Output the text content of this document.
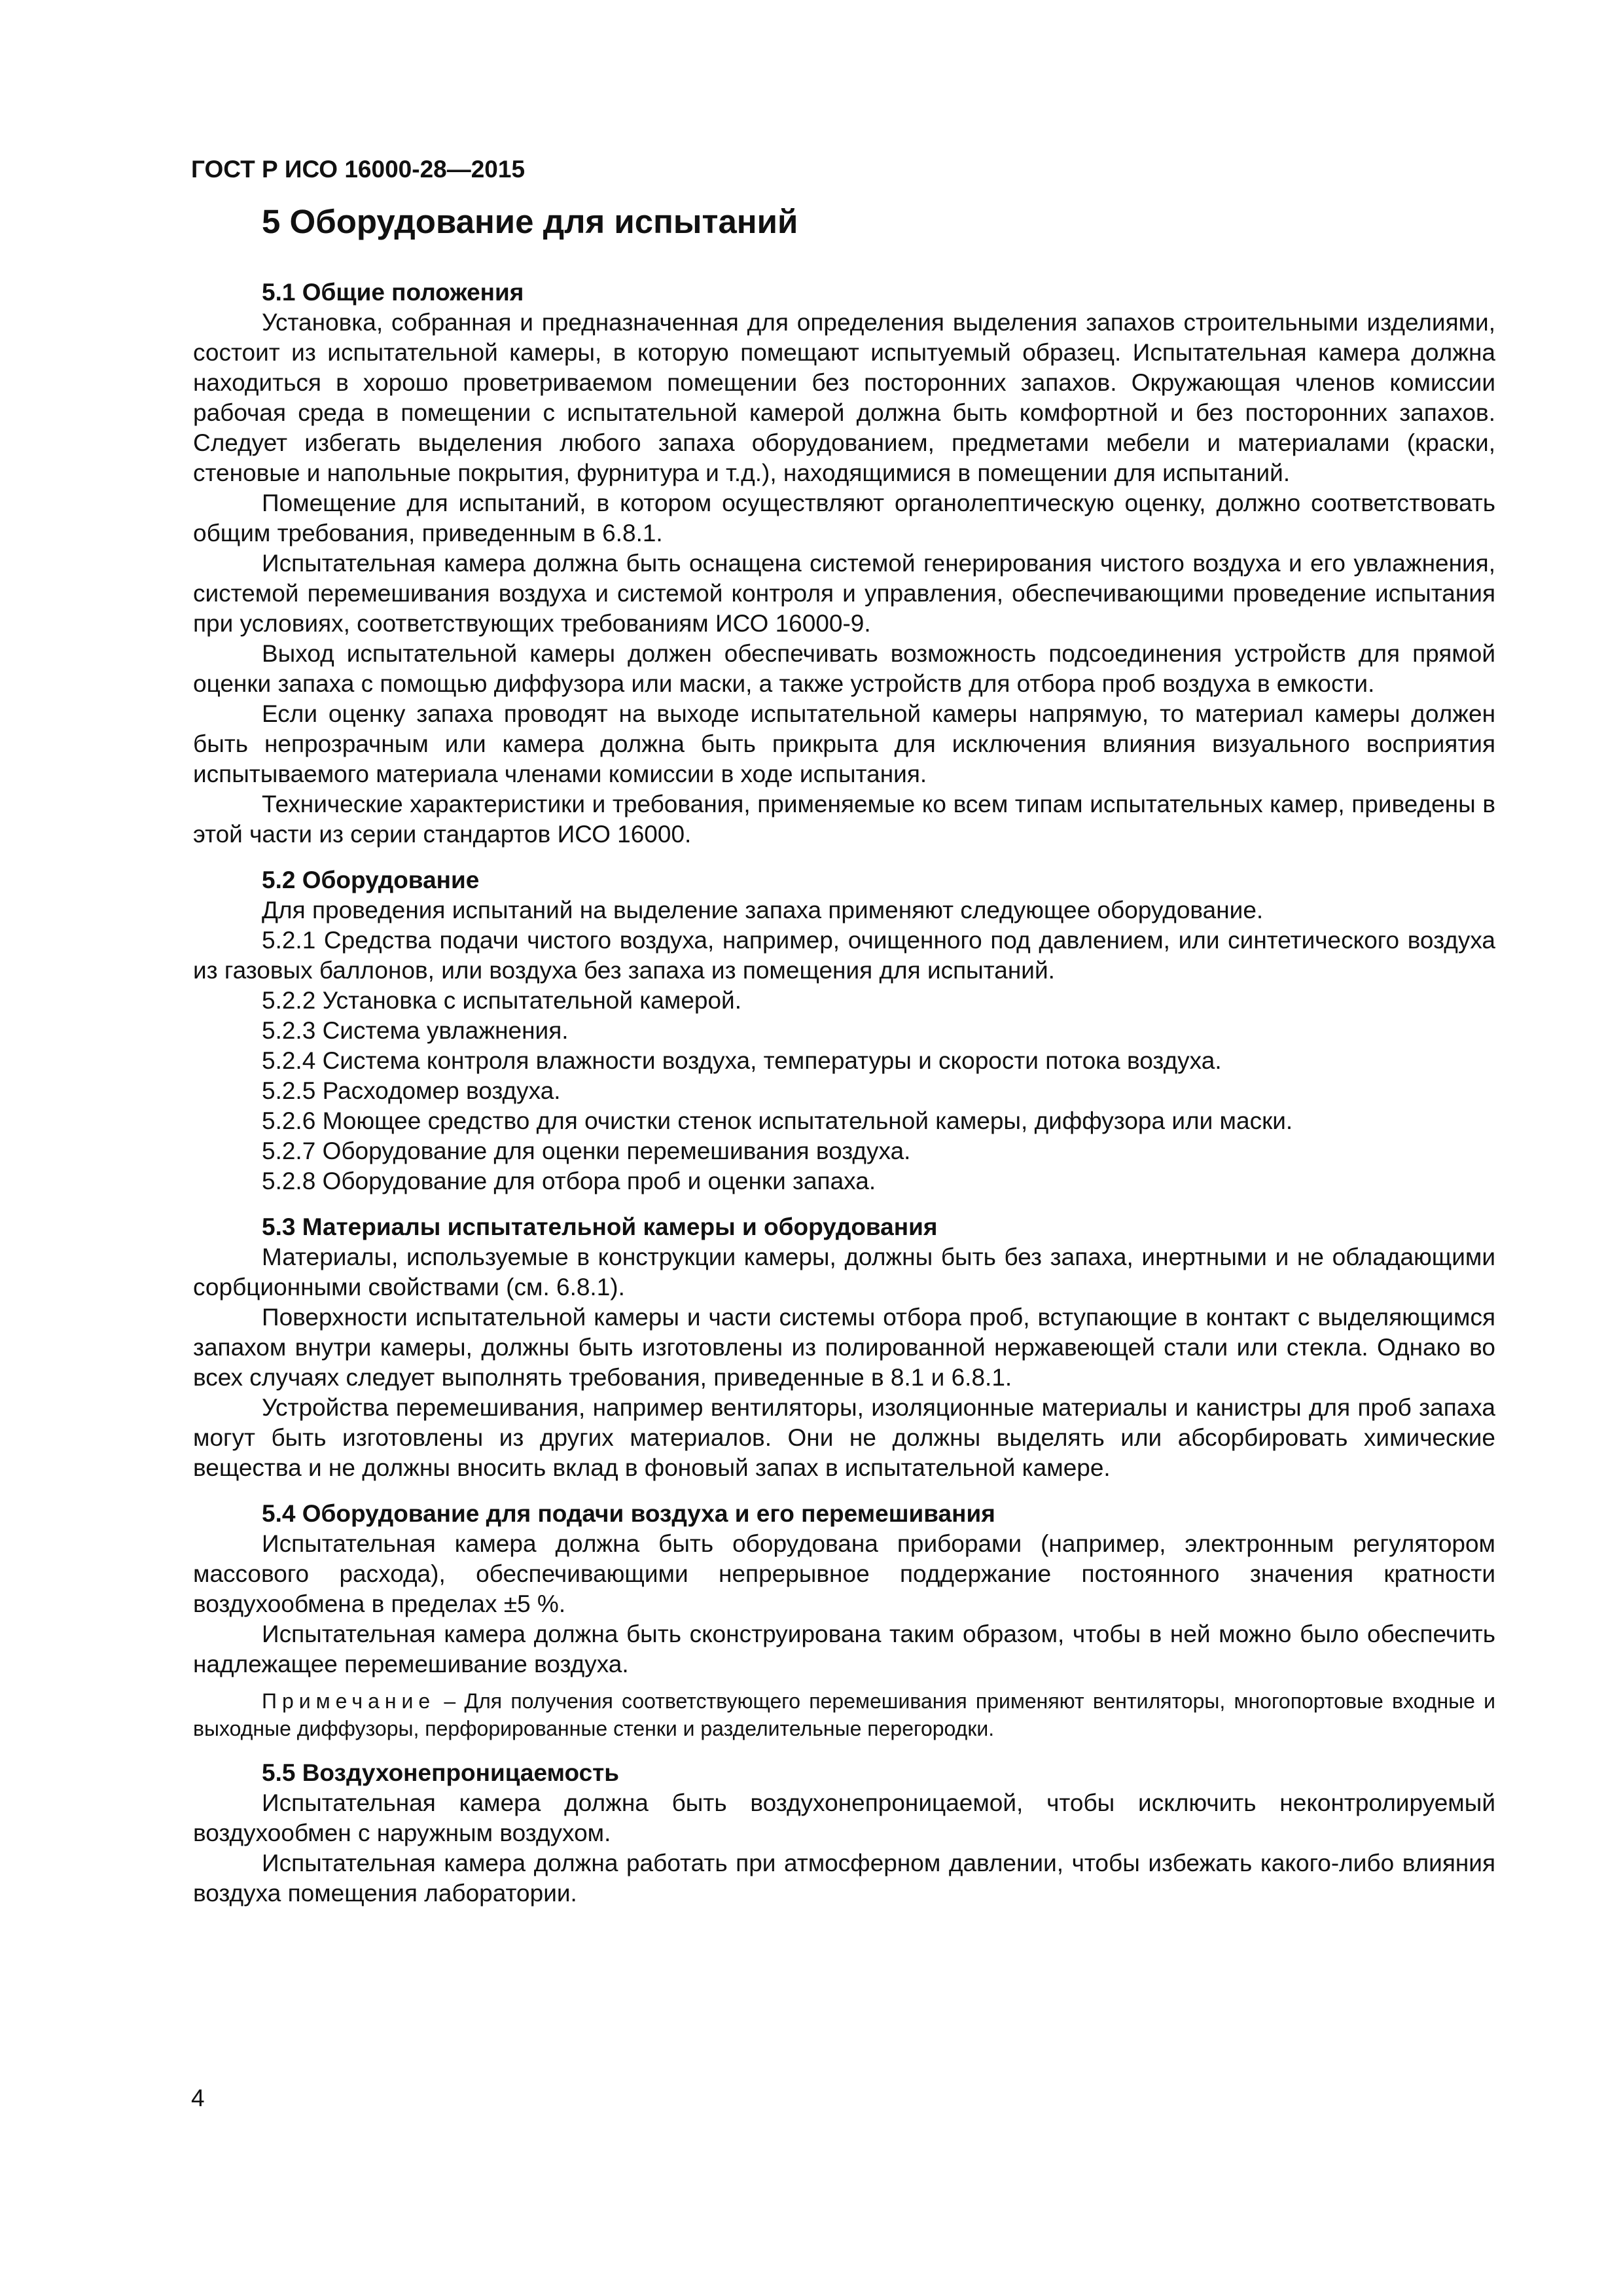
ГОСТ Р ИСО 16000-28—2015
5 Оборудование для испытаний
5.1 Общие положения

Установка, собранная и предназначенная для определения выделения запахов строительными изделиями, состоит из испытательной камеры, в которую помещают испытуемый образец. Испытательная камера должна находиться в хорошо проветриваемом помещении без посторонних запахов. Окружающая членов комиссии рабочая среда в помещении с испытательной камерой должна быть комфортной и без посторонних запахов. Следует избегать выделения любого запаха оборудованием, предметами мебели и материалами (краски, стеновые и напольные покрытия, фурнитура и т.д.), находящимися в помещении для испытаний.

Помещение для испытаний, в котором осуществляют органолептическую оценку, должно соответствовать общим требования, приведенным в 6.8.1.

Испытательная камера должна быть оснащена системой генерирования чистого воздуха и его увлажнения, системой перемешивания воздуха и системой контроля и управления, обеспечивающими проведение испытания при условиях, соответствующих требованиям ИСО 16000-9.

Выход испытательной камеры должен обеспечивать возможность подсоединения устройств для прямой оценки запаха с помощью диффузора или маски, а также устройств для отбора проб воздуха в емкости.

Если оценку запаха проводят на выходе испытательной камеры напрямую, то материал камеры должен быть непрозрачным или камера должна быть прикрыта для исключения влияния визуального восприятия испытываемого материала членами комиссии в ходе испытания.

Технические характеристики и требования, применяемые ко всем типам испытательных камер, приведены в этой части из серии стандартов ИСО 16000.

5.2 Оборудование

Для проведения испытаний на выделение запаха применяют следующее оборудование.

5.2.1 Средства подачи чистого воздуха, например, очищенного под давлением, или синтетического воздуха из газовых баллонов, или воздуха без запаха из помещения для испытаний.

5.2.2 Установка с испытательной камерой.

5.2.3 Система увлажнения.

5.2.4 Система контроля влажности воздуха, температуры и скорости потока воздуха.

5.2.5 Расходомер воздуха.

5.2.6 Моющее средство для очистки стенок испытательной камеры, диффузора или маски.

5.2.7 Оборудование для оценки перемешивания воздуха.

5.2.8 Оборудование для отбора проб и оценки запаха.

5.3 Материалы испытательной камеры и оборудования

Материалы, используемые в конструкции камеры, должны быть без запаха, инертными и не обладающими сорбционными свойствами (см. 6.8.1).

Поверхности испытательной камеры и части системы отбора проб, вступающие в контакт с выделяющимся запахом внутри камеры, должны быть изготовлены из полированной нержавеющей стали или стекла. Однако во всех случаях следует выполнять требования, приведенные в 8.1 и 6.8.1.

Устройства перемешивания, например вентиляторы, изоляционные материалы и канистры для проб запаха могут быть изготовлены из других материалов. Они не должны выделять или абсорбировать химические вещества и не должны вносить вклад в фоновый запах в испытательной камере.

5.4 Оборудование для подачи воздуха и его перемешивания

Испытательная камера должна быть оборудована приборами (например, электронным регулятором массового расхода), обеспечивающими непрерывное поддержание постоянного значения кратности воздухообмена в пределах ±5 %.

Испытательная камера должна быть сконструирована таким образом, чтобы в ней можно было обеспечить надлежащее перемешивание воздуха.

Примечание – Для получения соответствующего перемешивания применяют вентиляторы, многопортовые входные и выходные диффузоры, перфорированные стенки и разделительные перегородки.

5.5 Воздухонепроницаемость

Испытательная камера должна быть воздухонепроницаемой, чтобы исключить неконтролируемый воздухообмен с наружным воздухом.

Испытательная камера должна работать при атмосферном давлении, чтобы избежать какого-либо влияния воздуха помещения лаборатории.

4
